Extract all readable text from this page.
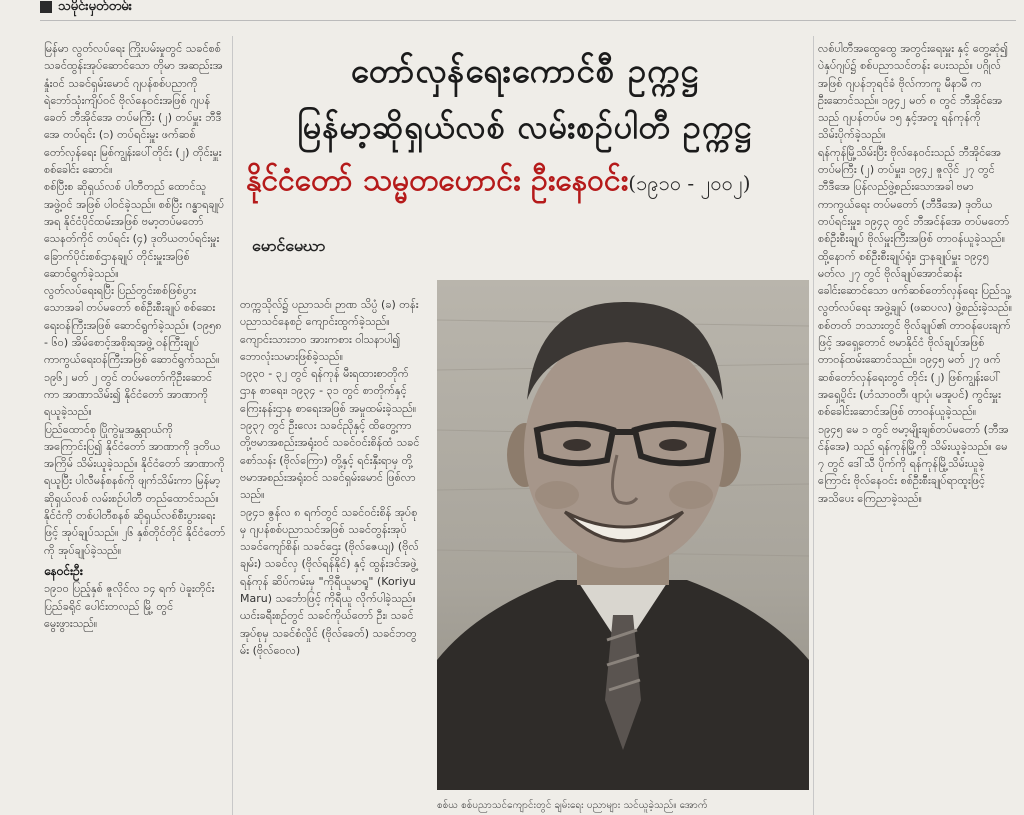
သမိုင်းမှတ်တမ်း

မြန်မာ လွတ်လပ်ရေး ကြိုးပမ်းမှုတွင် သခင်စစ် သခင်ထွန်းအုပ်ဆောင်သော တိုမာ အဆည်းအနှုံးဝင် သခင်ရှမ်းမောင် ဂျပန်စစ်ပညာကို ရဲဘော်သုံးကျိပ်ဝင် ဗိုလ်နေဝင်းအဖြစ် ဂျပန်ခေတ် ဘီအိုင်အေ တပ်မကြီး (၂) တပ်မှူး ဘီဒီအေ တပ်ရင်း (၁) တပ်ရင်းမှူး ဖက်ဆစ်တော်လှန်ရေး မြစ်ကျွန်းပေါ်တိုင်း (၂) တိုင်းမှူး စစ်ခေါင်း ဆောင်။

စစ်ပြီးစ ဆိုရှယ်လစ် ပါတီတည် ထောင်သူ အဖွဲ့ဝင် အဖြစ် ပါဝင်ခဲ့သည်။ စစ်ပြီး ဂန္ဓာရချုပ်အရ နိုင်ငံပိုင်ထမ်းအဖြစ် ဗမာ့တပ်မတော် သေနတ်ကိုင် တပ်ရင်း (၄) ဒုတိယတပ်ရင်းမှူး ခြောက်ပိုင်းစစ်ဌာနချုပ် တိုင်းမှူးအဖြစ် ဆောင်ရွက်ခဲ့သည်။

လွတ်လပ်ရေးရပြီး ပြည်တွင်းစစ်ဖြစ်ပွားသောအခါ တပ်မတော် စစ်ဦးစီးချုပ် စစ်ဆေးရေးဝန်ကြီးအဖြစ် ဆောင်ရွက်ခဲ့သည်။ (၁၉၅၈ - ၆၀) အိမ်စောင့်အစိုးရအဖွဲ့ ဝန်ကြီးချုပ် ကာကွယ်ရေးဝန်ကြီးအဖြစ် ဆောင်ရွက်သည်။ ၁၉၆၂ မတ် ၂ တွင် တပ်မတော်ကိုဦးဆောင်ကာ အာဏာသိမ်း၍ နိုင်ငံတော် အာဏာကို ရယူခဲ့သည်။

ပြည်ထောင်စု ပြိုကွဲမှုအန္တရာယ်ကို အကြောင်းပြ၍ နိုင်ငံတော် အာဏာကို ဒုတိယအကြိမ် သိမ်းယူခဲ့သည်။ နိုင်ငံတော် အာဏာကို ရယူပြီး ပါလီမန်စနစ်ကို ဖျက်သိမ်းကာ မြန်မာ့ဆိုရှယ်လစ် လမ်းစဉ်ပါတီ တည်ထောင်သည်။ နိုင်ငံကို တစ်ပါတီစနစ် ဆိုရှယ်လစ်စီးပွားရေးဖြင့် အုပ်ချုပ်သည်။ ၂၆ နှစ်တိုင်တိုင် နိုင်ငံတော်ကို အုပ်ချုပ်ခဲ့သည်။

နေဝင်းဦး

၁၉၁၀ ပြည့်နှစ် ဇူလိုင်လ ၁၄ ရက် ပဲခူးတိုင်း ပြည်ခရိုင် ပေါင်းတလည် မြို့ တွင် မွေးဖွားသည်။

တော်လှန်ရေးကောင်စီ ဥက္ကဋ္ဌ
မြန်မာ့ဆိုရှယ်လစ် လမ်းစဉ်ပါတီ ဥက္ကဋ္ဌ
နိုင်ငံတော် သမ္မတဟောင်း ဦးနေဝင်း(၁၉၁၀ - ၂၀၀၂)
မောင်မေဃာ

တက္ကသိုလ်၌ ပညာသင်၊ ဉာဏ သိပ္ပံ (ခ) တန်း ပညာသင်နေစဉ် ကျောင်းထွက်ခဲ့သည်။ ကျောင်းသားဘဝ အားကစား ဝါသနာပါ၍ ဘောလုံးသမားဖြစ်ခဲ့သည်။

၁၉၃၀ - ၃၂ တွင် ရန်ကုန် မီးရထားစာတိုက်ဌာန စာရေး၊ ၁၉၃၄ - ၃၁ တွင် စာတိုက်နှင့် ကြေးနန်းဌာန စာရေးအဖြစ် အမှုထမ်းခဲ့သည်။ ၁၉၃၇ တွင် ဦးလေး သခင်ညိုနှင့် ထိတွေ့ကာ တို့ဗမာအစည်းအရုံးဝင် သခင်ဝင်းစိန်ထံ သခင်စော်သန်း (ဗိုလ်ကြော) တို့နှင့် ရင်းနှီးရာမှ တို့ဗမာအစည်းအရုံးဝင် သခင်ရှမ်းမောင် ဖြစ်လာသည်။

၁၉၄၁ ဇွန်လ ၈ ရက်တွင် သခင်ဝင်းစိန် အုပ်စုမှ ဂျပန်စစ်ပညာသင်အဖြစ် သခင်တွန်းအုပ် သခင်ကျော်စိန်၊ သခင်ဌေး (ဗိုလ်ဇေယျ) (ဗိုလ်ချမ်း) သခင်လှ (ဗိုလ်ရန်နိုင်) နှင့် ထွန်းဒင်အဖွဲ့ ရန်ကုန် ဆိပ်ကမ်းမှ "ကိုရီယူမာရူ" (Koriyu Maru) သင်္ဘောဖြင့် ကိုရီယူ လိုက်ပါခဲ့သည်။ ယင်းခရီးစဉ်တွင် သခင်ကိုယ်တော် ဦး၊ သခင်အုပ်စုမှ သခင်စံလှိုင် (ဗိုလ်ခေတ်) သခင်ဘတွမ်း (ဗိုလ်ဝေလ)

စစ်ယ စစ်ပညာသင်ကျောင်းတွင် ချမ်းရေး ပညာများ သင်ယူခဲ့သည်။ အောက်

လစ်ပါတီအထွေထွေ အတွင်းရေးမှူး နှင့် တွေ့ဆုံ၍ ပဲနှပ်ဂျပ်၌ စစ်ပညာသင်တန်း ပေးသည်။ ပဂ္ဂိုလ်အဖြစ် ဂျပန်ဘုရင်ခံ ဗိုလ်ကာကူ မီနာမီ က ဦးဆောင်သည်။ ၁၉၄၂ မတ် ၈ တွင် ဘီအိုင်အေသည် ဂျပန်တပ်မ ၁၅ နှင့်အတူ ရန်ကုန်ကို သိမ်းပိုက်ခဲ့သည်။

ရန်ကုန်မြို့သိမ်းပြီး ဗိုလ်နေဝင်းသည် ဘီအိုင်အေ တပ်မကြီး (၂) တပ်မှူး၊ ၁၉၄၂ ဇူလိုင် ၂၇ တွင် ဘီဒီအေ ပြန်လည်ဖွဲ့စည်းသောအခါ ဗမာကာကွယ်ရေး တပ်မတော် (ဘီဒီအေ) ဒုတိယ တပ်ရင်းမှူး၊ ၁၉၄၃ တွင် ဘီအင်န်အေ တပ်မတော် စစ်ဦးစီးချုပ် ဗိုလ်မှူးကြီးအဖြစ် တာဝန်ယူခဲ့သည်။

ထို့နောက် စစ်ဦးစီးချုပ်ရုံး၊ ဌာနချုပ်မှူး ၁၉၄၅ မတ်လ ၂၇ တွင် ဗိုလ်ချုပ်အောင်ဆန်း ခေါင်းဆောင်သော ဖက်ဆစ်တော်လှန်ရေး ပြည်သူ့ လွတ်လပ်ရေး အဖွဲ့ချုပ် (ဖဆပလ) ဖွဲ့စည်းခဲ့သည်။ စစ်တတ် ဘသားတွင် ဗိုလ်ချုပ်၏ တာဝန်ပေးချက်ဖြင့် အရှေ့တောင် ဗမာနိုင်ငံ ဗိုလ်ချုပ်အဖြစ် တာဝန်ထမ်းဆောင်သည်။ ၁၉၄၅ မတ် ၂၇ ဖက်ဆစ်တော်လှန်ရေးတွင် တိုင်း (၂) ဖြစ်ကျွန်းပေါ်အရှေ့ပိုင်း (ဟံသာဝတီ၊ ဖျာပုံ၊ မအူပင်) ကွင်းမှူး စစ်ခေါင်းဆောင်အဖြစ် တာဝန်ယူခဲ့သည်။

၁၉၄၅ မေ ၁ တွင် ဗမာ့မျိုးချစ်တပ်မတော် (ဘီအင်န်အေ) သည် ရန်ကုန်မြို့ကို သိမ်းယူခဲ့သည်။ မေ ၇ တွင် ဒေါ်သီ ပိုက်ကို ရန်ကုန်မြို့သိမ်းယူခဲ့ကြောင်း ဗိုလ်နေဝင်း စစ်ဦးစီးချုပ်ရာထူးဖြင့် အသိပေး ကြေညာခဲ့သည်။
